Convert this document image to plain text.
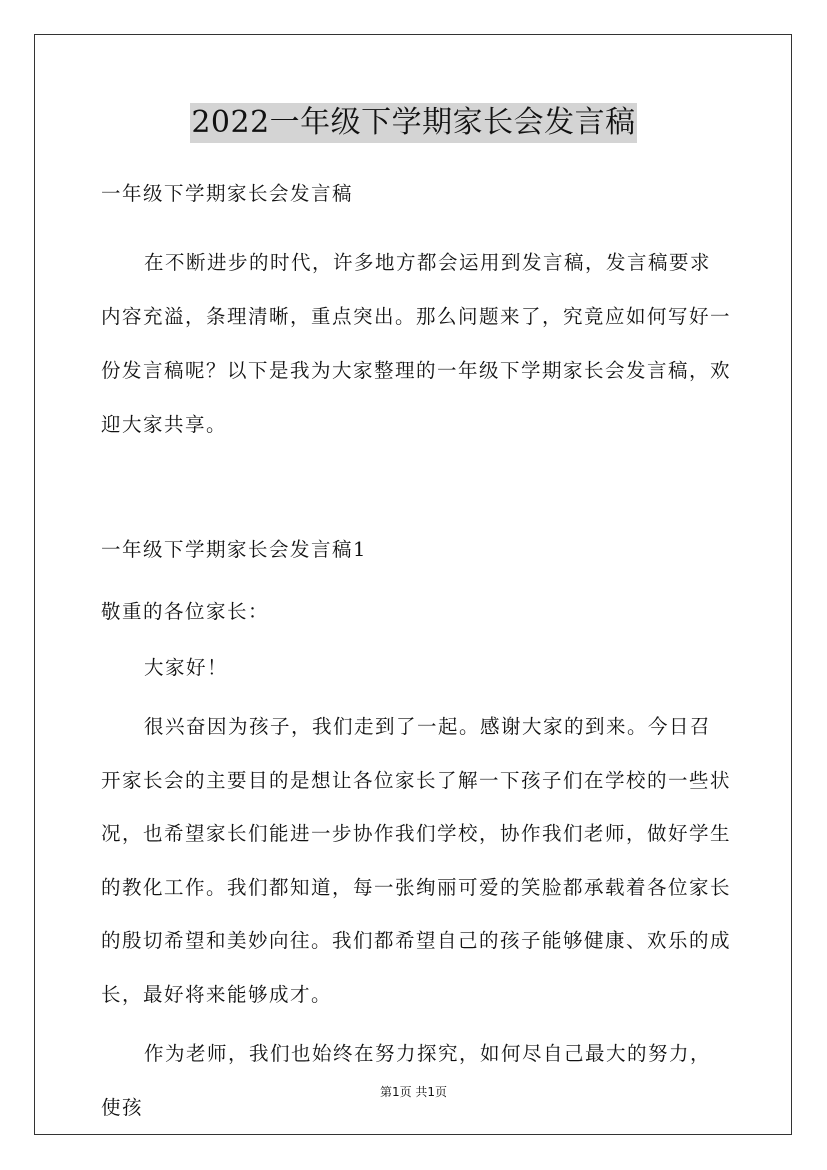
2022一年级下学期家长会发言稿

一年级下学期家长会发言稿

在不断进步的时代，许多地方都会运用到发言稿，发言稿要求内容充溢，条理清晰，重点突出。那么问题来了，究竟应如何写好一份发言稿呢？以下是我为大家整理的一年级下学期家长会发言稿，欢迎大家共享。

一年级下学期家长会发言稿1

敬重的各位家长：

大家好！

很兴奋因为孩子，我们走到了一起。感谢大家的到来。今日召开家长会的主要目的是想让各位家长了解一下孩子们在学校的一些状况，也希望家长们能进一步协作我们学校，协作我们老师，做好学生的教化工作。我们都知道，每一张绚丽可爱的笑脸都承载着各位家长的殷切希望和美妙向往。我们都希望自己的孩子能够健康、欢乐的成长，最好将来能够成才。

作为老师，我们也始终在努力探究，如何尽自己最大的努力，使孩

第1页 共1页
